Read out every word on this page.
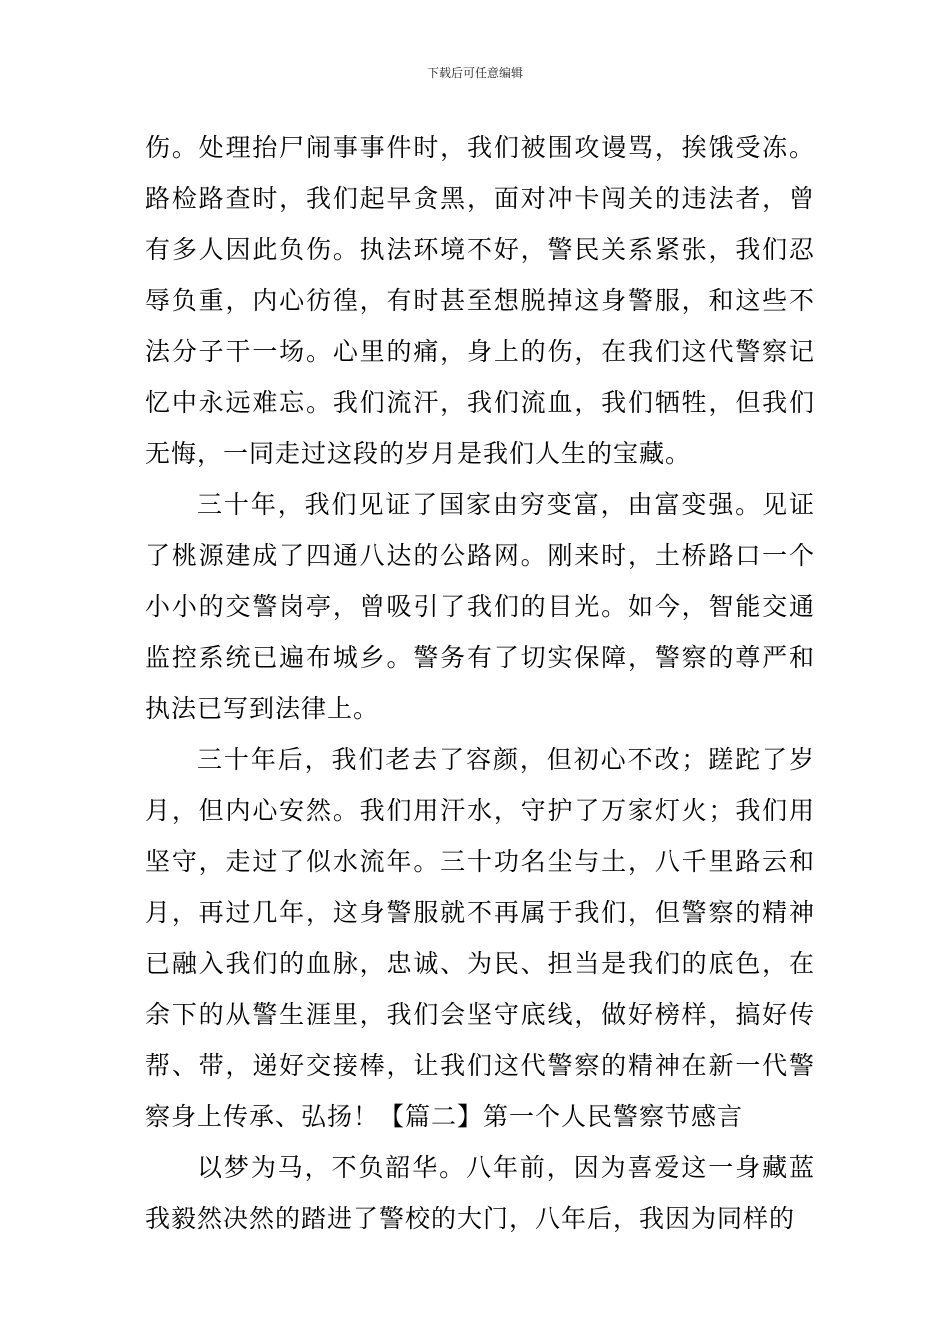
下载后可任意编辑

伤。处理抬尸闹事事件时，我们被围攻谩骂，挨饿受冻。路检路查时，我们起早贪黑，面对冲卡闯关的违法者，曾有多人因此负伤。执法环境不好，警民关系紧张，我们忍辱负重，内心彷徨，有时甚至想脱掉这身警服，和这些不法分子干一场。心里的痛，身上的伤，在我们这代警察记忆中永远难忘。我们流汗，我们流血，我们牺牲，但我们无悔，一同走过这段的岁月是我们人生的宝藏。

三十年，我们见证了国家由穷变富，由富变强。见证了桃源建成了四通八达的公路网。刚来时，土桥路口一个小小的交警岗亭，曾吸引了我们的目光。如今，智能交通监控系统已遍布城乡。警务有了切实保障，警察的尊严和执法已写到法律上。

三十年后，我们老去了容颜，但初心不改；蹉跎了岁月，但内心安然。我们用汗水，守护了万家灯火；我们用坚守，走过了似水流年。三十功名尘与土，八千里路云和月，再过几年，这身警服就不再属于我们，但警察的精神已融入我们的血脉，忠诚、为民、担当是我们的底色，在余下的从警生涯里，我们会坚守底线，做好榜样，搞好传帮、带，递好交接棒，让我们这代警察的精神在新一代警察身上传承、弘扬！【篇二】第一个人民警察节感言

以梦为马，不负韶华。八年前，因为喜爱这一身藏蓝我毅然决然的踏进了警校的大门，八年后，我因为同样的
